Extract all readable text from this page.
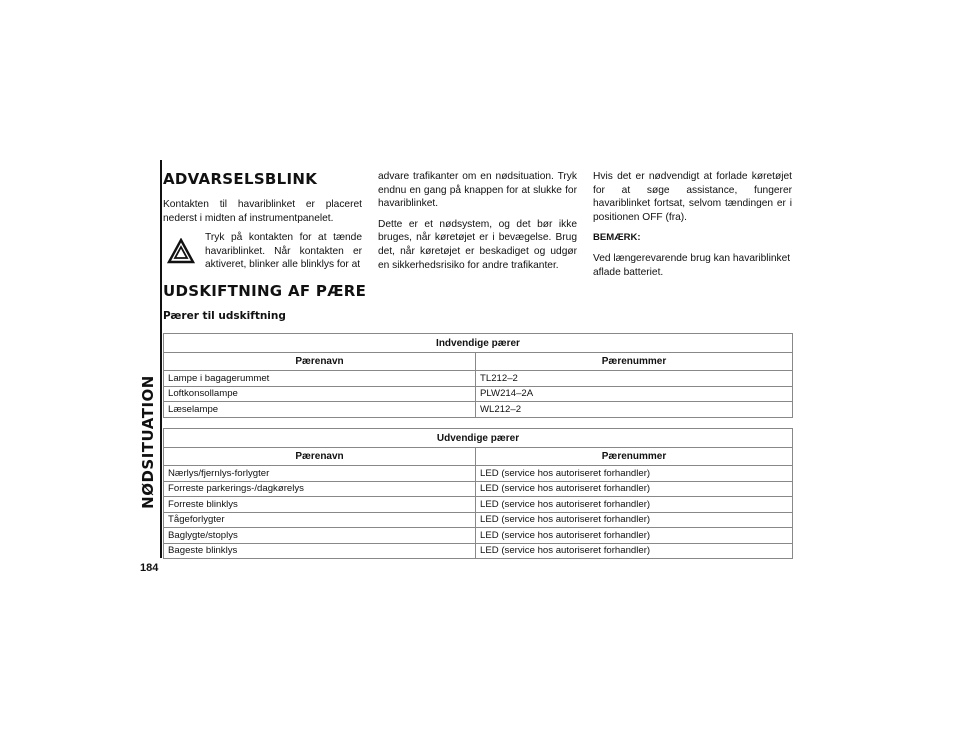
NØDSITUATION
184
ADVARSELSBLINK

Kontakten til havariblinket er placeret nederst i midten af instrumentpanelet.

Tryk på kontakten for at tænde havariblinket. Når kontakten er aktiveret, blinker alle blinklys for at

advare trafikanter om en nødsituation. Tryk endnu en gang på knappen for at slukke for havariblinket.

Dette er et nødsystem, og det bør ikke bruges, når køretøjet er i bevægelse. Brug det, når køretøjet er beskadiget og udgør en sikkerhedsrisiko for andre trafikanter.

Hvis det er nødvendigt at forlade køretøjet for at søge assistance, fungerer havariblinket fortsat, selvom tændingen er i positionen OFF (fra).

BEMÆRK:

Ved længerevarende brug kan havariblinket aflade batteriet.

UDSKIFTNING AF PÆRE
Pærer til udskiftning
Indvendige pærer	
Pærenavn	Pærenummer
Lampe i bagagerummet	TL212–2
Loftkonsollampe	PLW214–2A
Læselampe	WL212–2
Udvendige pærer	
Pærenavn	Pærenummer
Nærlys/fjernlys-forlygter	LED (service hos autoriseret forhandler)
Forreste parkerings-/dagkørelys	LED (service hos autoriseret forhandler)
Forreste blinklys	LED (service hos autoriseret forhandler)
Tågeforlygter	LED (service hos autoriseret forhandler)
Baglygte/stoplys	LED (service hos autoriseret forhandler)
Bageste blinklys	LED (service hos autoriseret forhandler)
